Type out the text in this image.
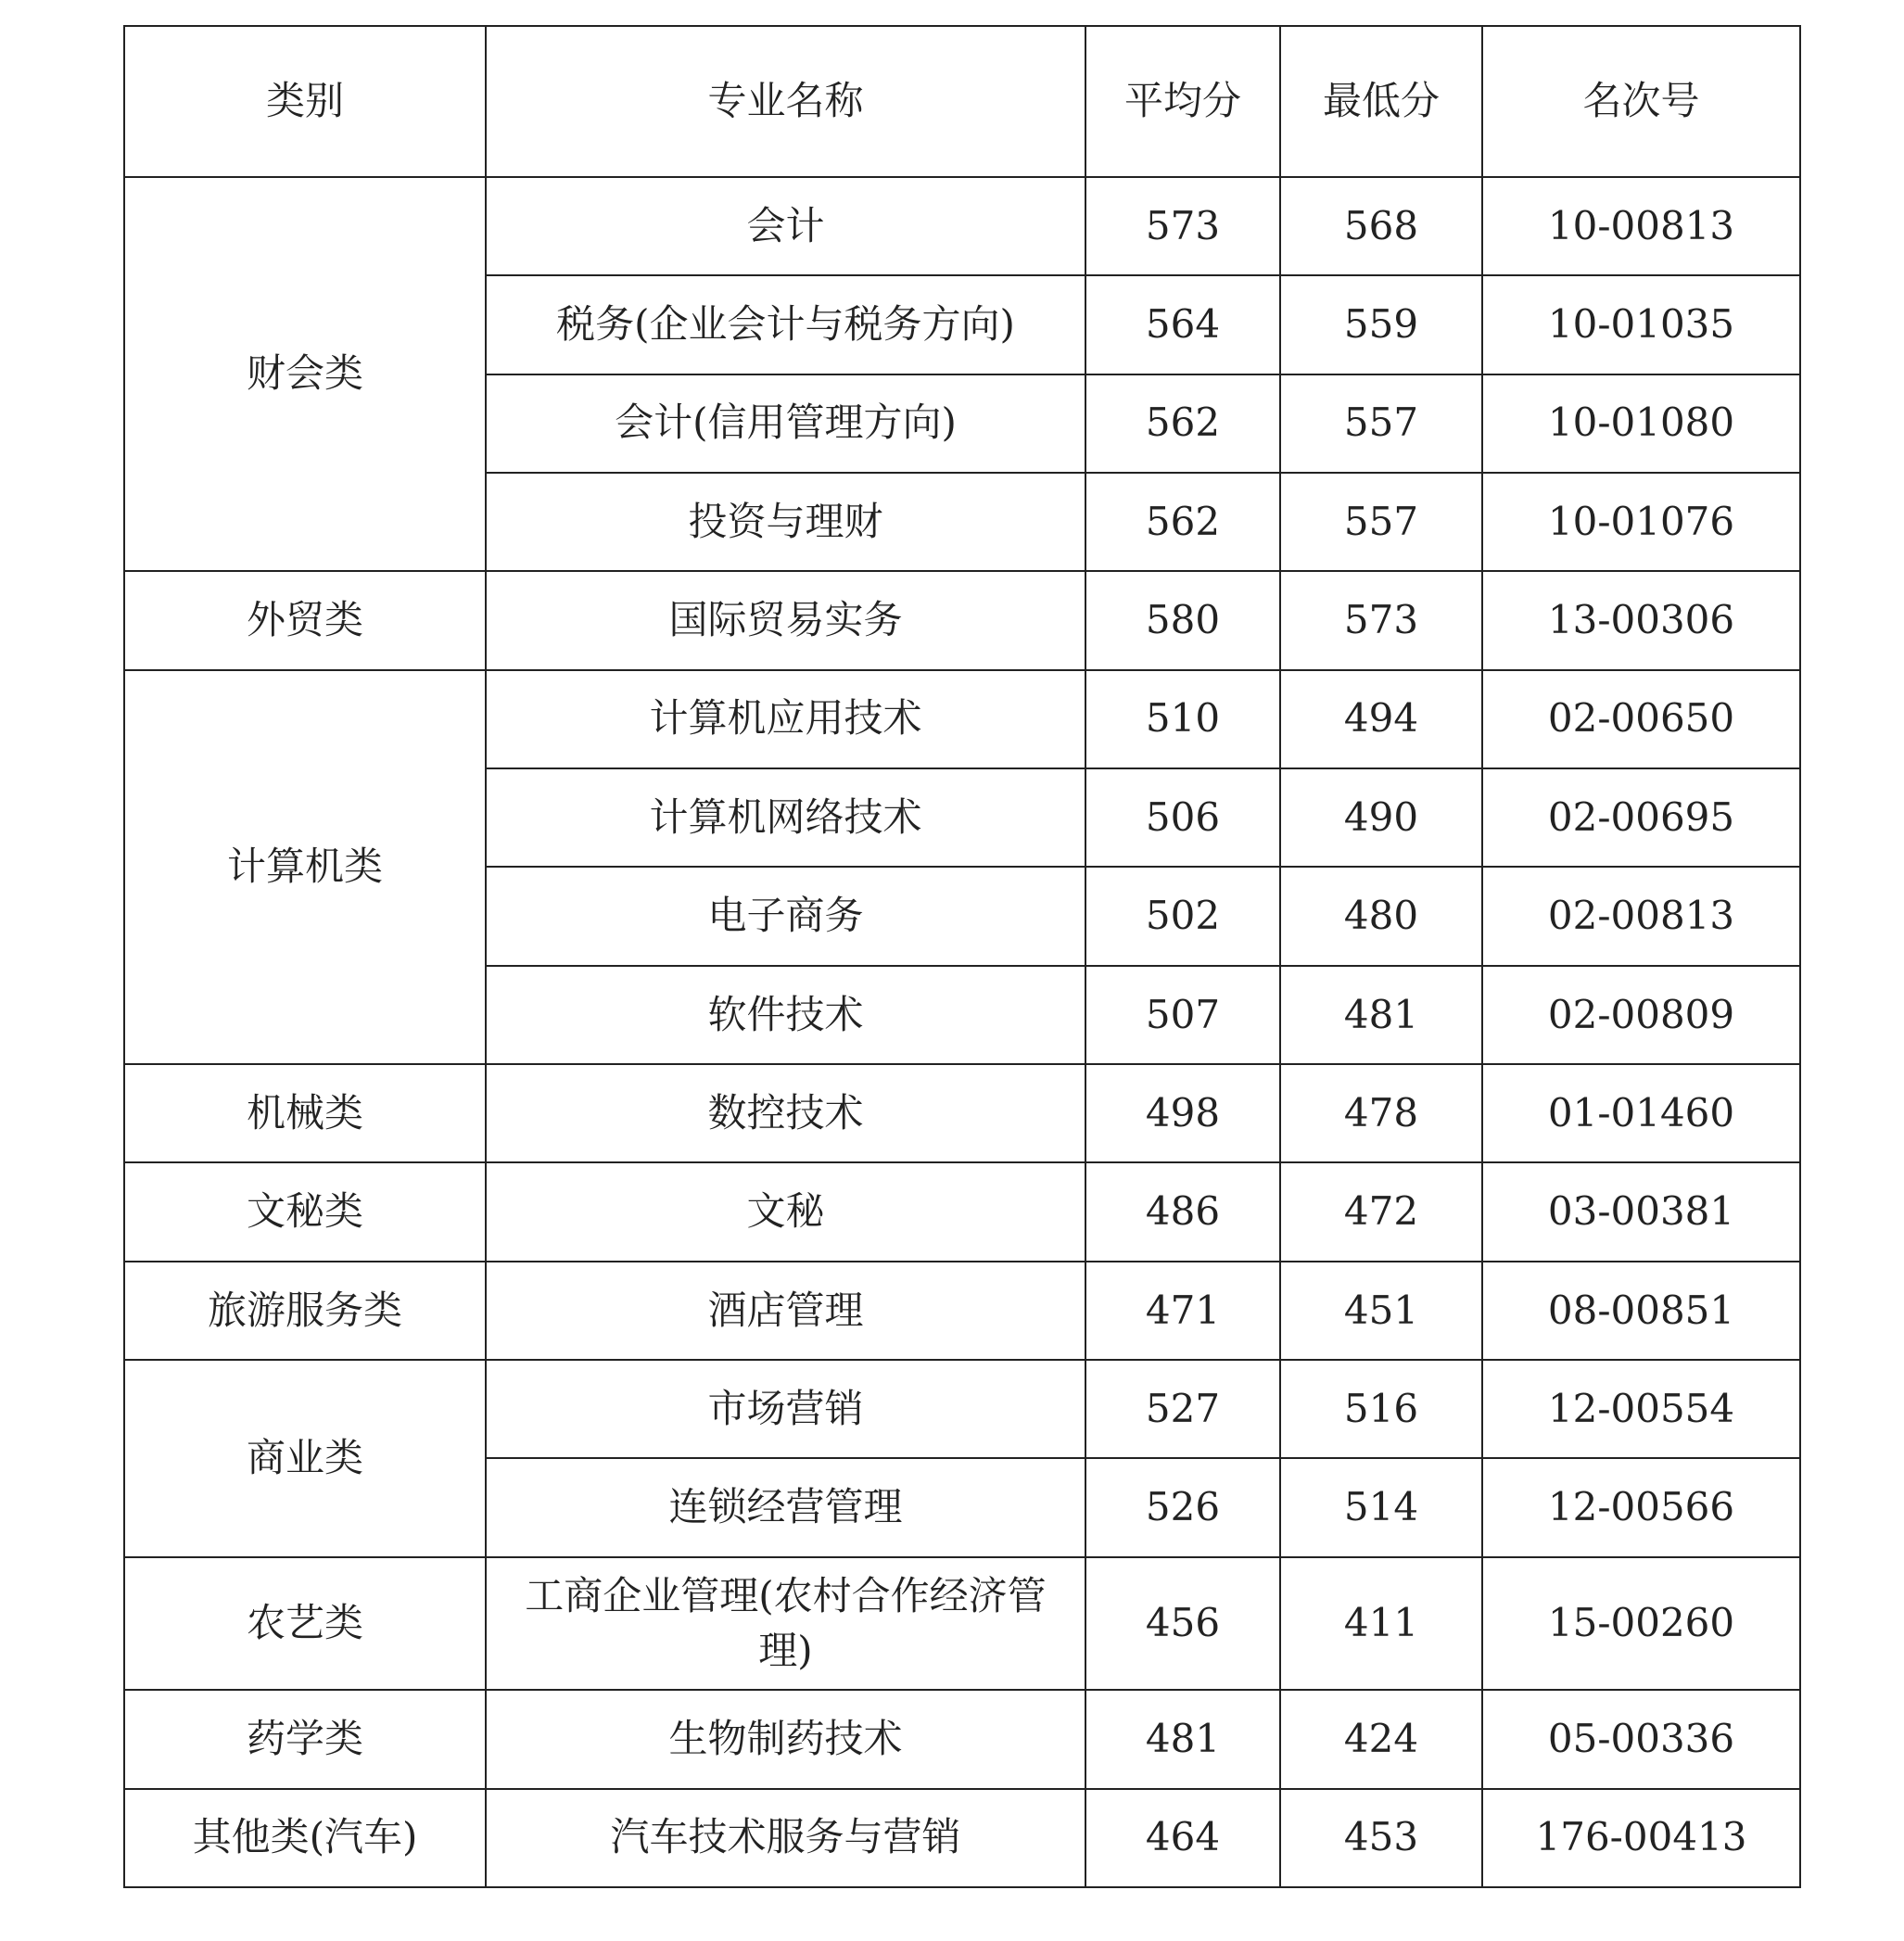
类别	专业名称	平均分	最低分	名次号
财会类	会计	573	568	10-00813
	税务(企业会计与税务方向)	564	559	10-01035
	会计(信用管理方向)	562	557	10-01080
	投资与理财	562	557	10-01076
外贸类	国际贸易实务	580	573	13-00306
计算机类	计算机应用技术	510	494	02-00650
	计算机网络技术	506	490	02-00695
	电子商务	502	480	02-00813
	软件技术	507	481	02-00809
机械类	数控技术	498	478	01-01460
文秘类	文秘	486	472	03-00381
旅游服务类	酒店管理	471	451	08-00851
商业类	市场营销	527	516	12-00554
	连锁经营管理	526	514	12-00566
农艺类	工商企业管理(农村合作经济管理)	456	411	15-00260
药学类	生物制药技术	481	424	05-00336
其他类(汽车)	汽车技术服务与营销	464	453	176-00413
